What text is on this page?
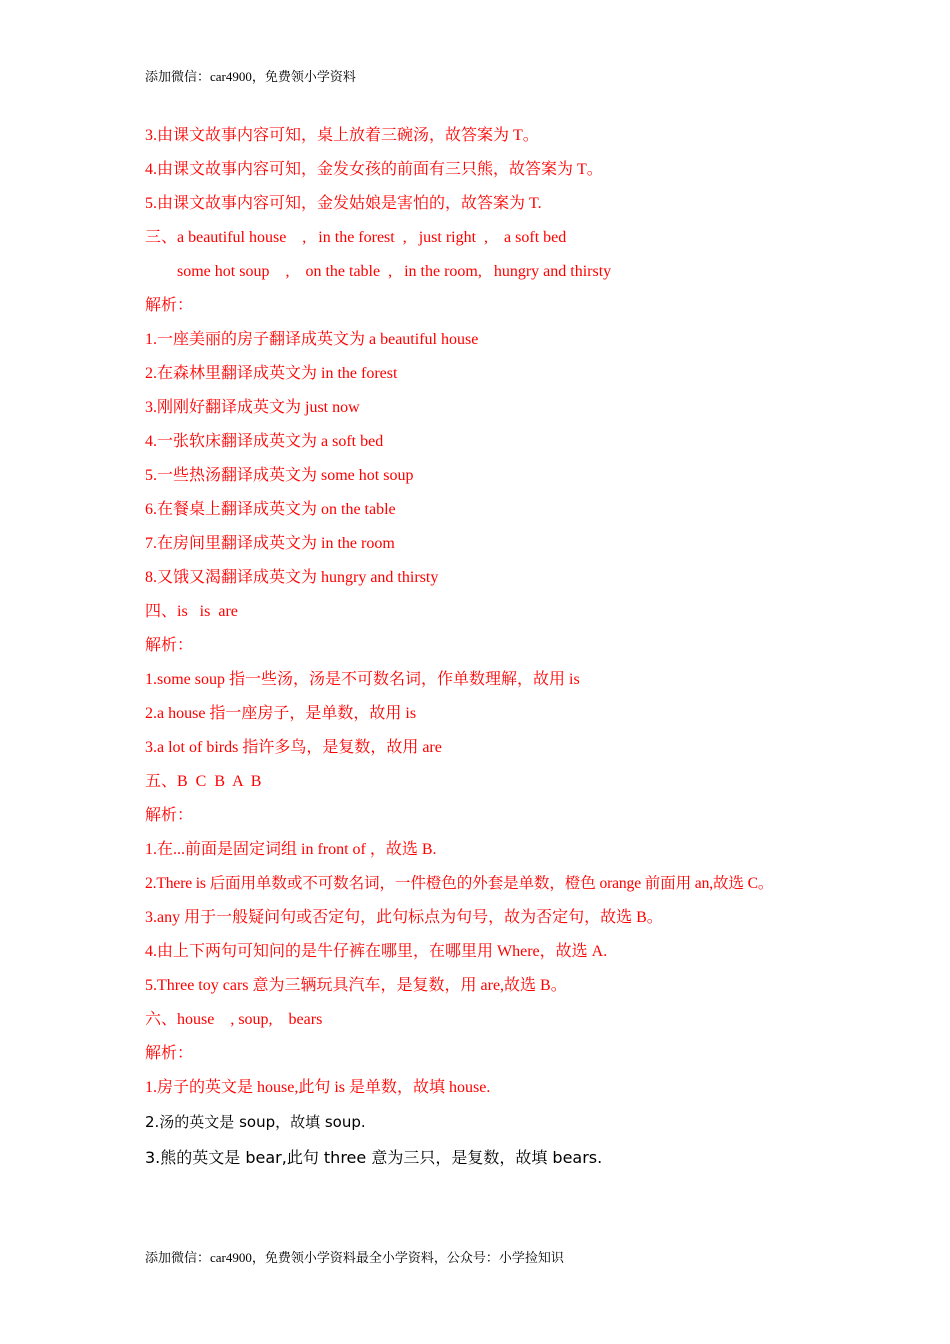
添加微信：car4900，免费领小学资料
3.由课文故事内容可知，桌上放着三碗汤，故答案为 T。
4.由课文故事内容可知，金发女孩的前面有三只熊，故答案为 T。
5.由课文故事内容可知，金发姑娘是害怕的，故答案为 T.
三、a beautiful house    ,   in the forest  ,   just right  ,    a soft bed
some hot soup    ,    on the table  ,   in the room,   hungry and thirsty
解析：
1.一座美丽的房子翻译成英文为 a beautiful house
2.在森林里翻译成英文为 in the forest
3.刚刚好翻译成英文为 just now
4.一张软床翻译成英文为 a soft bed
5.一些热汤翻译成英文为 some hot soup
6.在餐桌上翻译成英文为 on the table
7.在房间里翻译成英文为 in the room
8.又饿又渴翻译成英文为 hungry and thirsty
四、is   is  are
解析：
1.some soup 指一些汤，汤是不可数名词，作单数理解，故用 is
2.a house 指一座房子，是单数，故用 is
3.a lot of birds 指许多鸟，是复数，故用 are
五、B  C  B  A  B
解析：
1.在...前面是固定词组 in front of ，故选 B.
2.There is 后面用单数或不可数名词，一件橙色的外套是单数，橙色 orange 前面用 an,故选 C。
3.any 用于一般疑问句或否定句，此句标点为句号，故为否定句，故选 B。
4.由上下两句可知问的是牛仔裤在哪里，在哪里用 Where，故选 A.
5.Three toy cars 意为三辆玩具汽车，是复数，用 are,故选 B。
六、house    , soup,    bears
解析：
1.房子的英文是 house,此句 is 是单数，故填 house.
2.汤的英文是 soup，故填 soup.
3.熊的英文是 bear,此句 three 意为三只，是复数，故填 bears.
添加微信：car4900，免费领小学资料最全小学资料，公众号：小学捡知识
